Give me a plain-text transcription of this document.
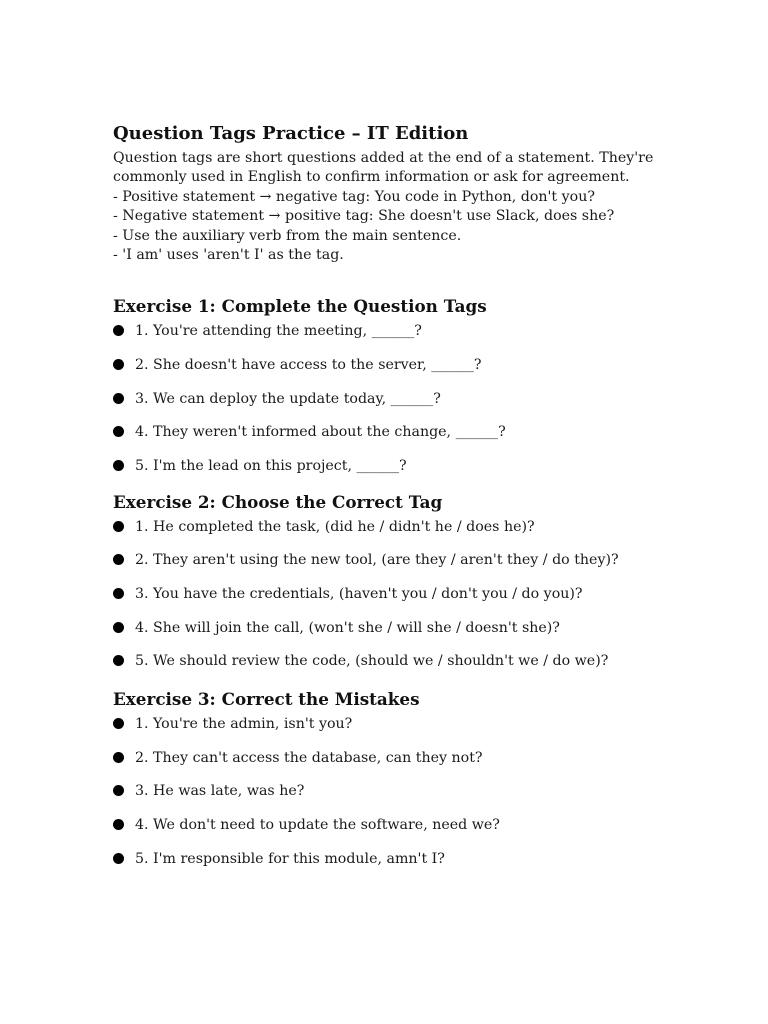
Question Tags Practice – IT Edition

Question tags are short questions added at the end of a statement. They're

commonly used in English to confirm information or ask for agreement.

- Positive statement → negative tag: You code in Python, don't you?

- Negative statement → positive tag: She doesn't use Slack, does she?

- Use the auxiliary verb from the main sentence.

- 'I am' uses 'aren't I' as the tag.

Exercise 1: Complete the Question Tags
1. You're attending the meeting, ______?
2. She doesn't have access to the server, ______?
3. We can deploy the update today, ______?
4. They weren't informed about the change, ______?
5. I'm the lead on this project, ______?
Exercise 2: Choose the Correct Tag
1. He completed the task, (did he / didn't he / does he)?
2. They aren't using the new tool, (are they / aren't they / do they)?
3. You have the credentials, (haven't you / don't you / do you)?
4. She will join the call, (won't she / will she / doesn't she)?
5. We should review the code, (should we / shouldn't we / do we)?
Exercise 3: Correct the Mistakes
1. You're the admin, isn't you?
2. They can't access the database, can they not?
3. He was late, was he?
4. We don't need to update the software, need we?
5. I'm responsible for this module, amn't I?
